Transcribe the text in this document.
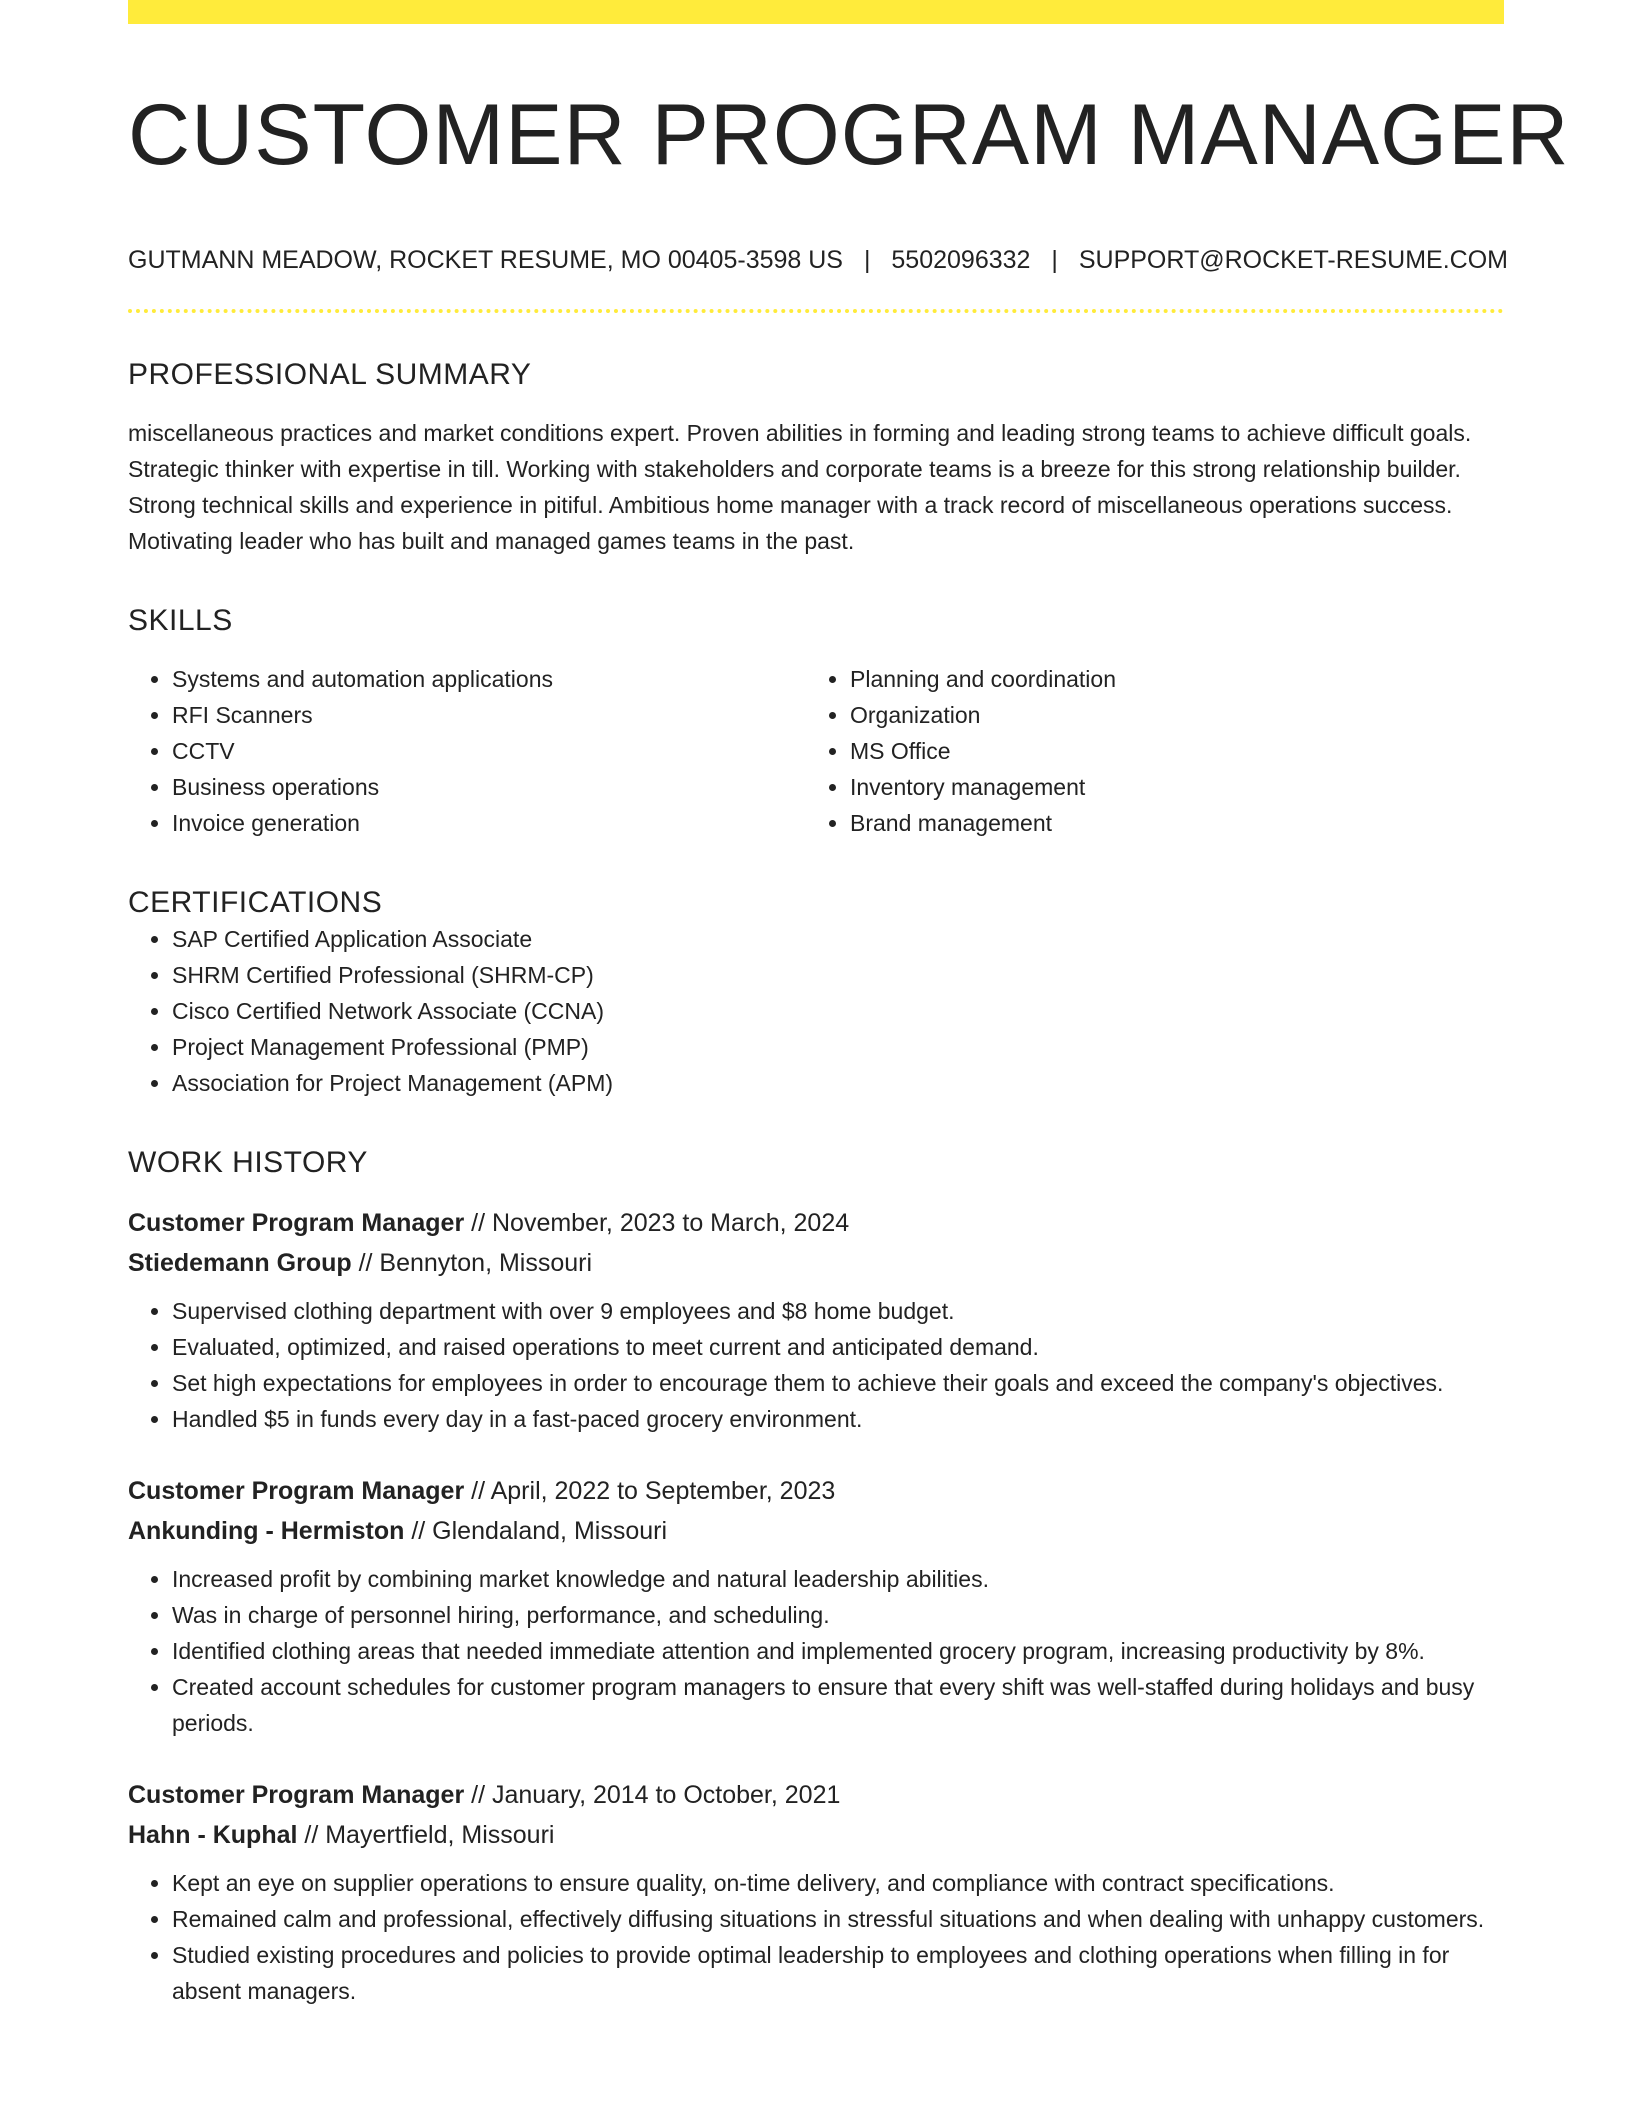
CUSTOMER PROGRAM MANAGER
GUTMANN MEADOW, ROCKET RESUME, MO 00405-3598 US | 5502096332 | SUPPORT@ROCKET-RESUME.COM
PROFESSIONAL SUMMARY
miscellaneous practices and market conditions expert. Proven abilities in forming and leading strong teams to achieve difficult goals. Strategic thinker with expertise in till. Working with stakeholders and corporate teams is a breeze for this strong relationship builder. Strong technical skills and experience in pitiful. Ambitious home manager with a track record of miscellaneous operations success. Motivating leader who has built and managed games teams in the past.
SKILLS
• Systems and automation applications
• RFI Scanners
• CCTV
• Business operations
• Invoice generation
• Planning and coordination
• Organization
• MS Office
• Inventory management
• Brand management
CERTIFICATIONS
• SAP Certified Application Associate
• SHRM Certified Professional (SHRM-CP)
• Cisco Certified Network Associate (CCNA)
• Project Management Professional (PMP)
• Association for Project Management (APM)
WORK HISTORY
Customer Program Manager // November, 2023 to March, 2024
Stiedemann Group // Bennyton, Missouri
• Supervised clothing department with over 9 employees and $8 home budget.
• Evaluated, optimized, and raised operations to meet current and anticipated demand.
• Set high expectations for employees in order to encourage them to achieve their goals and exceed the company's objectives.
• Handled $5 in funds every day in a fast-paced grocery environment.
Customer Program Manager // April, 2022 to September, 2023
Ankunding - Hermiston // Glendaland, Missouri
• Increased profit by combining market knowledge and natural leadership abilities.
• Was in charge of personnel hiring, performance, and scheduling.
• Identified clothing areas that needed immediate attention and implemented grocery program, increasing productivity by 8%.
• Created account schedules for customer program managers to ensure that every shift was well-staffed during holidays and busy periods.
Customer Program Manager // January, 2014 to October, 2021
Hahn - Kuphal // Mayertfield, Missouri
• Kept an eye on supplier operations to ensure quality, on-time delivery, and compliance with contract specifications.
• Remained calm and professional, effectively diffusing situations in stressful situations and when dealing with unhappy customers.
• Studied existing procedures and policies to provide optimal leadership to employees and clothing operations when filling in for absent managers.
